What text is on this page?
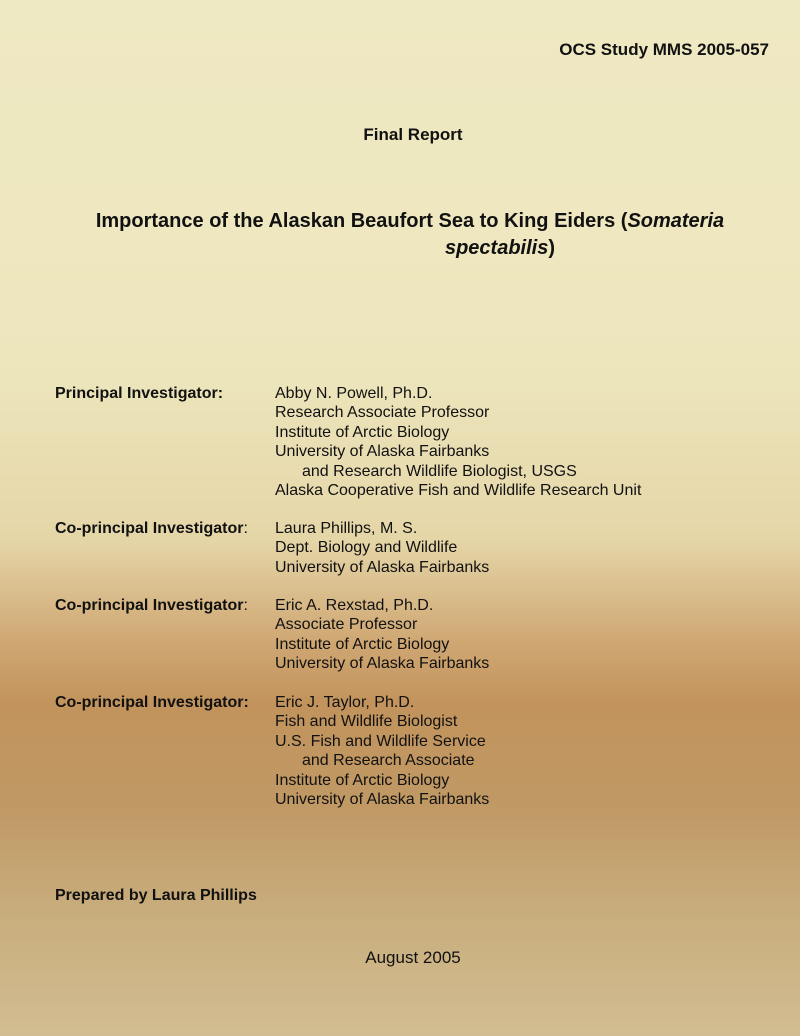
OCS Study MMS 2005-057
Final Report
Importance of the Alaskan Beaufort Sea to King Eiders (Somateria
spectabilis)
Principal Investigator:	Abby N. Powell, Ph.D.
Research Associate Professor
Institute of Arctic Biology
University of Alaska Fairbanks
and Research Wildlife Biologist, USGS
Alaska Cooperative Fish and Wildlife Research Unit
Co-principal Investigator: Laura Phillips, M. S.
Dept. Biology and Wildlife
University of Alaska Fairbanks
Co-principal Investigator: Eric A. Rexstad, Ph.D.
Associate Professor
Institute of Arctic Biology
University of Alaska Fairbanks
Co-principal Investigator: Eric J. Taylor, Ph.D.
Fish and Wildlife Biologist
U.S. Fish and Wildlife Service
and Research Associate
Institute of Arctic Biology
University of Alaska Fairbanks
Prepared by Laura Phillips
August 2005
